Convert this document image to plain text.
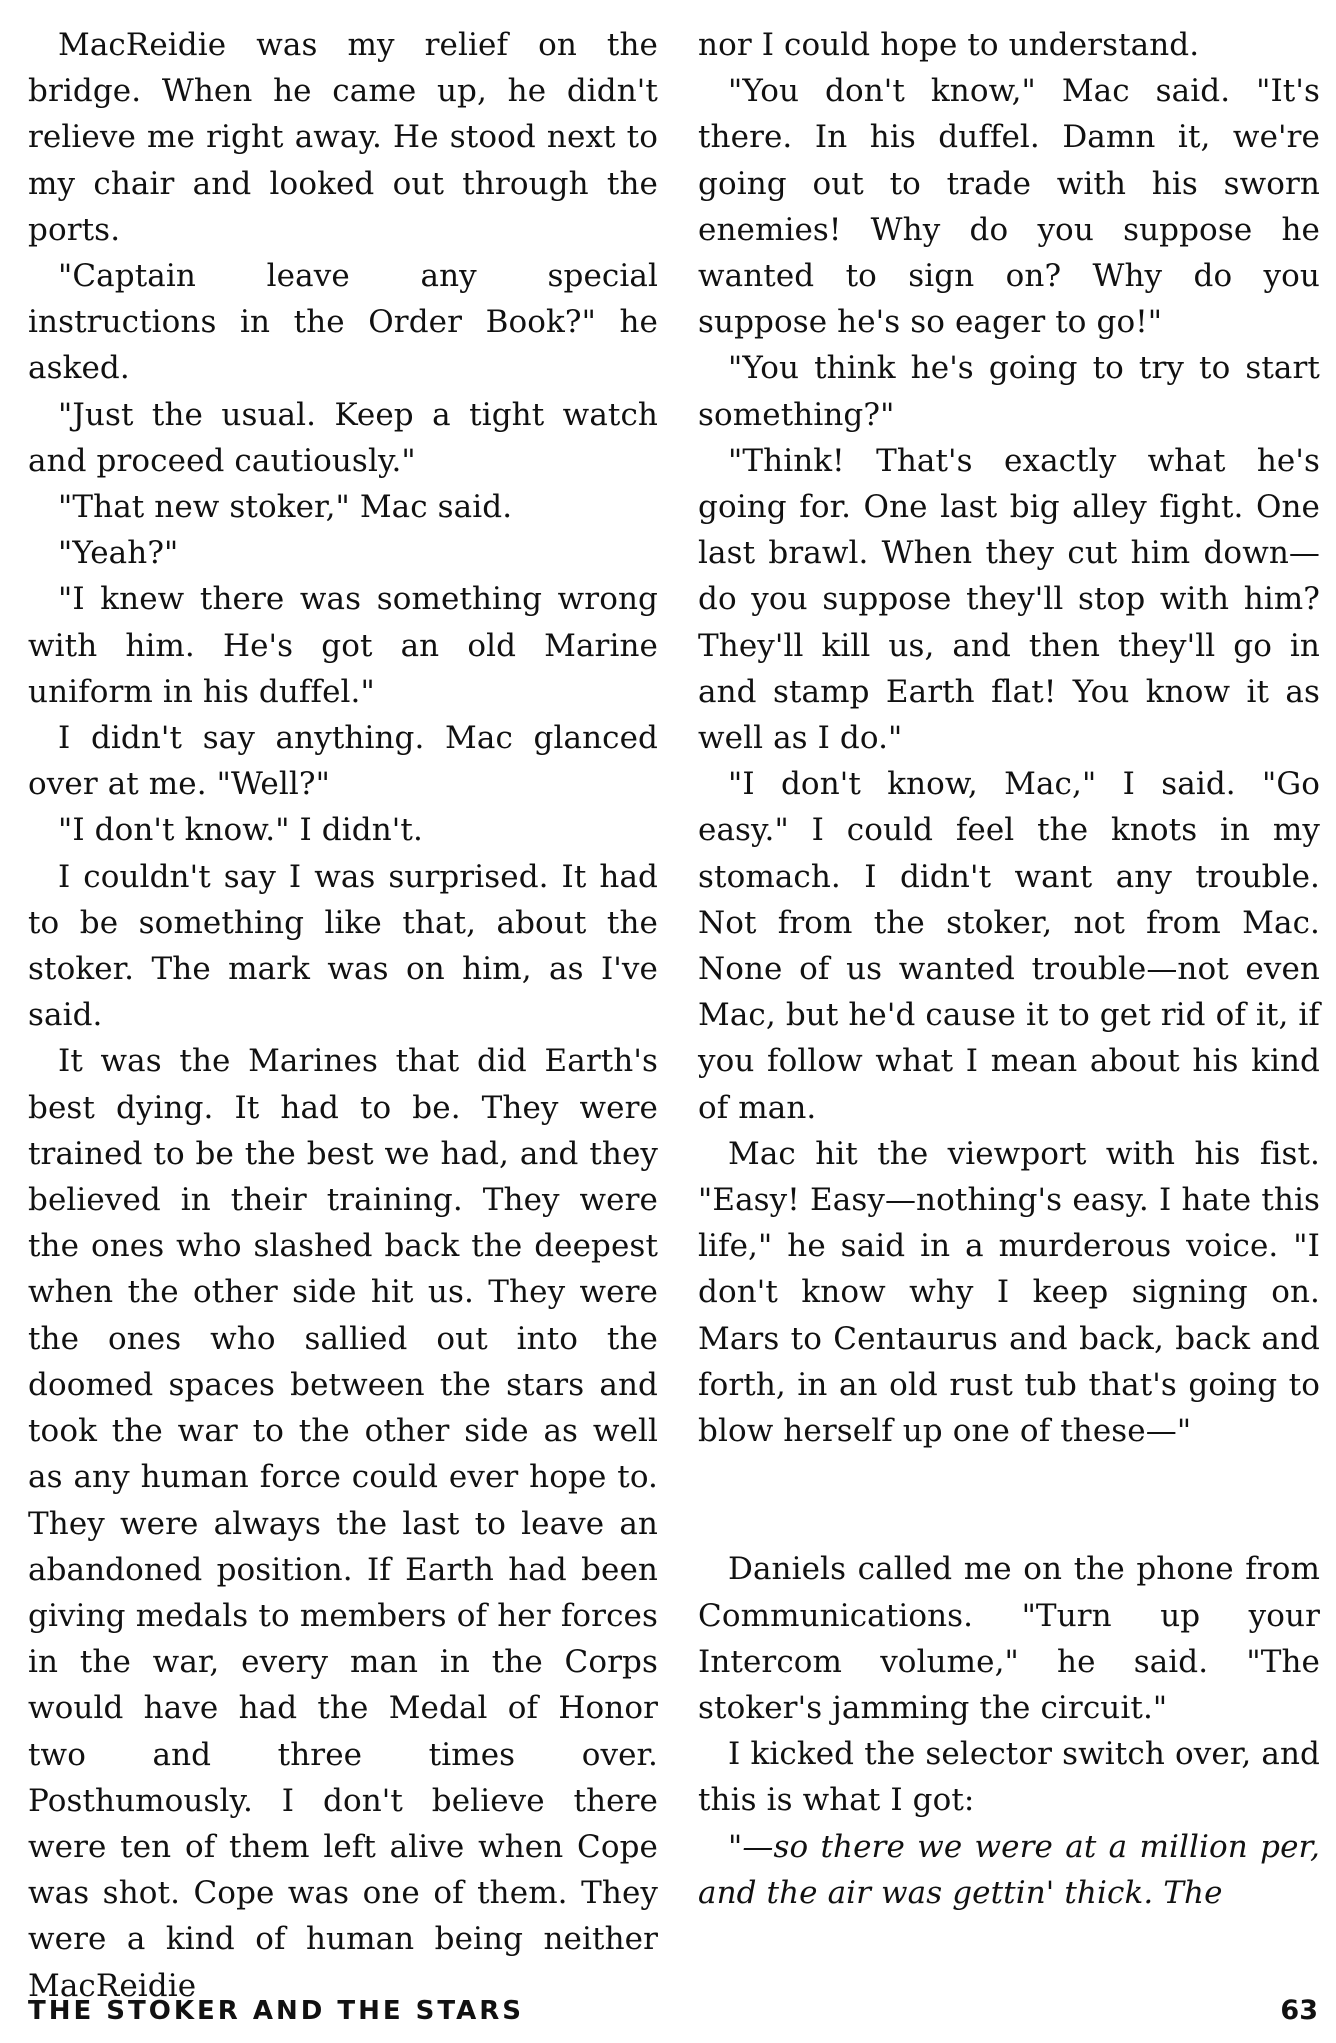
MacReidie was my relief on the bridge. When he came up, he didn't relieve me right away. He stood next to my chair and looked out through the ports.

"Captain leave any special instructions in the Order Book?" he asked.

"Just the usual. Keep a tight watch and proceed cautiously."

"That new stoker," Mac said.

"Yeah?"

"I knew there was something wrong with him. He's got an old Marine uniform in his duffel."

I didn't say anything. Mac glanced over at me. "Well?"

"I don't know." I didn't.

I couldn't say I was surprised. It had to be something like that, about the stoker. The mark was on him, as I've said.

It was the Marines that did Earth's best dying. It had to be. They were trained to be the best we had, and they believed in their training. They were the ones who slashed back the deepest when the other side hit us. They were the ones who sallied out into the doomed spaces between the stars and took the war to the other side as well as any human force could ever hope to. They were always the last to leave an abandoned position. If Earth had been giving medals to members of her forces in the war, every man in the Corps would have had the Medal of Honor two and three times over. Posthumously. I don't believe there were ten of them left alive when Cope was shot. Cope was one of them. They were a kind of human being neither MacReidie

nor I could hope to understand.

"You don't know," Mac said. "It's there. In his duffel. Damn it, we're going out to trade with his sworn enemies! Why do you suppose he wanted to sign on? Why do you suppose he's so eager to go!"

"You think he's going to try to start something?"

"Think! That's exactly what he's going for. One last big alley fight. One last brawl. When they cut him down—do you suppose they'll stop with him? They'll kill us, and then they'll go in and stamp Earth flat! You know it as well as I do."

"I don't know, Mac," I said. "Go easy." I could feel the knots in my stomach. I didn't want any trouble. Not from the stoker, not from Mac. None of us wanted trouble—not even Mac, but he'd cause it to get rid of it, if you follow what I mean about his kind of man.

Mac hit the viewport with his fist. "Easy! Easy—nothing's easy. I hate this life," he said in a murderous voice. "I don't know why I keep signing on. Mars to Centaurus and back, back and forth, in an old rust tub that's going to blow herself up one of these—"

Daniels called me on the phone from Communications. "Turn up your Intercom volume," he said. "The stoker's jamming the circuit."

I kicked the selector switch over, and this is what I got:

"—so there we were at a million per, and the air was gettin' thick. The

THE STOKER AND THE STARS	63
